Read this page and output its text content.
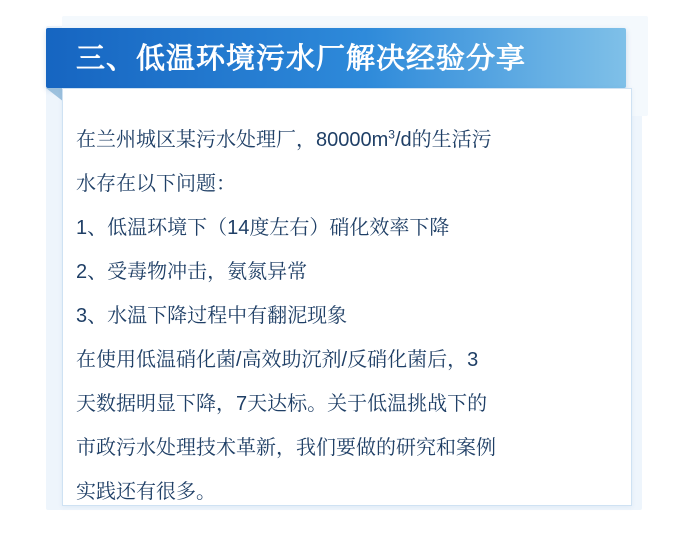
三、低温环境污水厂解决经验分享

在兰州城区某污水处理厂，$80000m^3/d$的生活污

水存在以下问题：

1、低温环境下（14度左右）硝化效率下降

2、受毒物冲击，氨氮异常

3、水温下降过程中有翻泥现象

在使用低温硝化菌/高效助沉剂/反硝化菌后，3

天数据明显下降，7天达标。关于低温挑战下的

市政污水处理技术革新，我们要做的研究和案例

实践还有很多。
